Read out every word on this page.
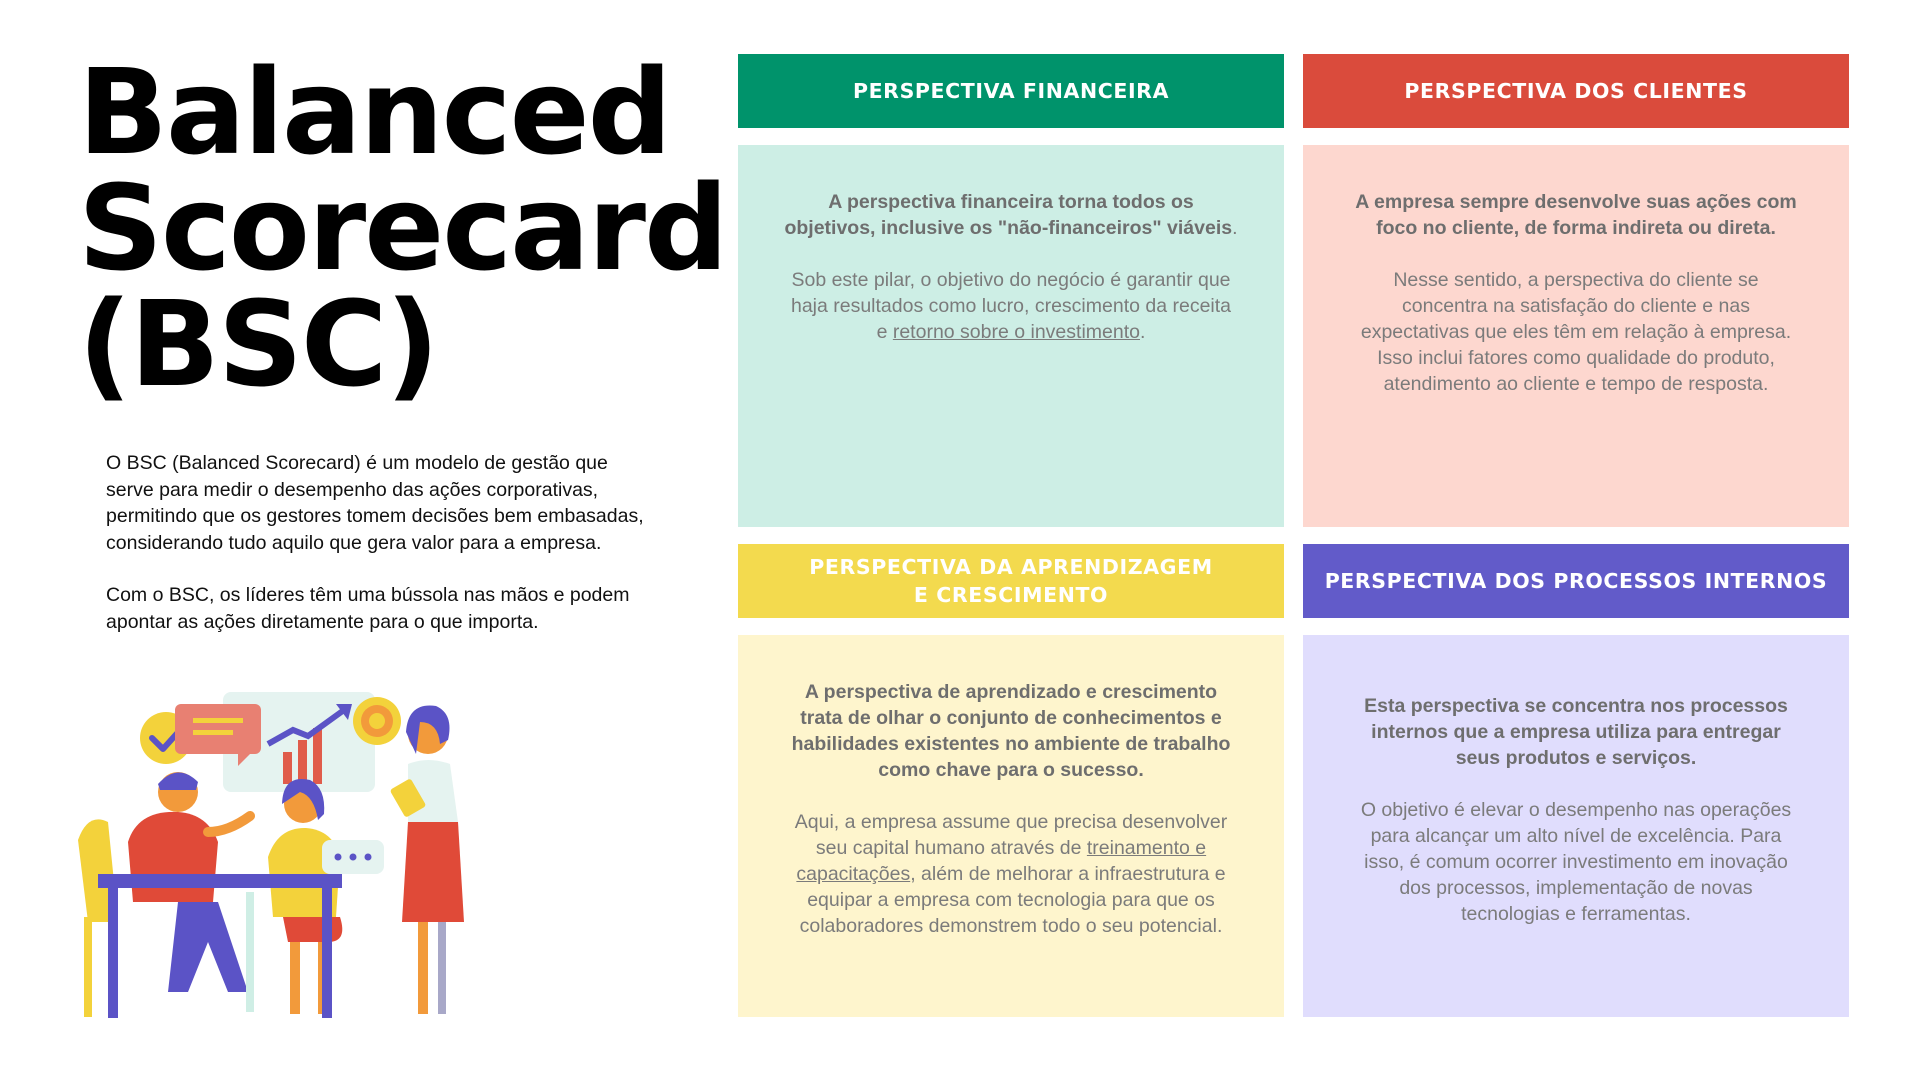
Balanced
Scorecard
(BSC)

O BSC (Balanced Scorecard) é um modelo de gestão que serve para medir o desempenho das ações corporativas, permitindo que os gestores tomem decisões bem embasadas, considerando tudo aquilo que gera valor para a empresa.

Com o BSC, os líderes têm uma bússola nas mãos e podem apontar as ações diretamente para o que importa.

PERSPECTIVA FINANCEIRA

A perspectiva financeira torna todos os objetivos, inclusive os "não-financeiros" viáveis.

Sob este pilar, o objetivo do negócio é garantir que haja resultados como lucro, crescimento da receita e retorno sobre o investimento.

PERSPECTIVA DOS CLIENTES

A empresa sempre desenvolve suas ações com foco no cliente, de forma indireta ou direta.

Nesse sentido, a perspectiva do cliente se concentra na satisfação do cliente e nas expectativas que eles têm em relação à empresa. Isso inclui fatores como qualidade do produto, atendimento ao cliente e tempo de resposta.

PERSPECTIVA DA APRENDIZAGEM
E CRESCIMENTO

A perspectiva de aprendizado e crescimento trata de olhar o conjunto de conhecimentos e habilidades existentes no ambiente de trabalho como chave para o sucesso.

Aqui, a empresa assume que precisa desenvolver seu capital humano através de treinamento e capacitações, além de melhorar a infraestrutura e equipar a empresa com tecnologia para que os colaboradores demonstrem todo o seu potencial.

PERSPECTIVA DOS PROCESSOS INTERNOS

Esta perspectiva se concentra nos processos internos que a empresa utiliza para entregar seus produtos e serviços.

O objetivo é elevar o desempenho nas operações para alcançar um alto nível de excelência. Para isso, é comum ocorrer investimento em inovação dos processos, implementação de novas tecnologias e ferramentas.
